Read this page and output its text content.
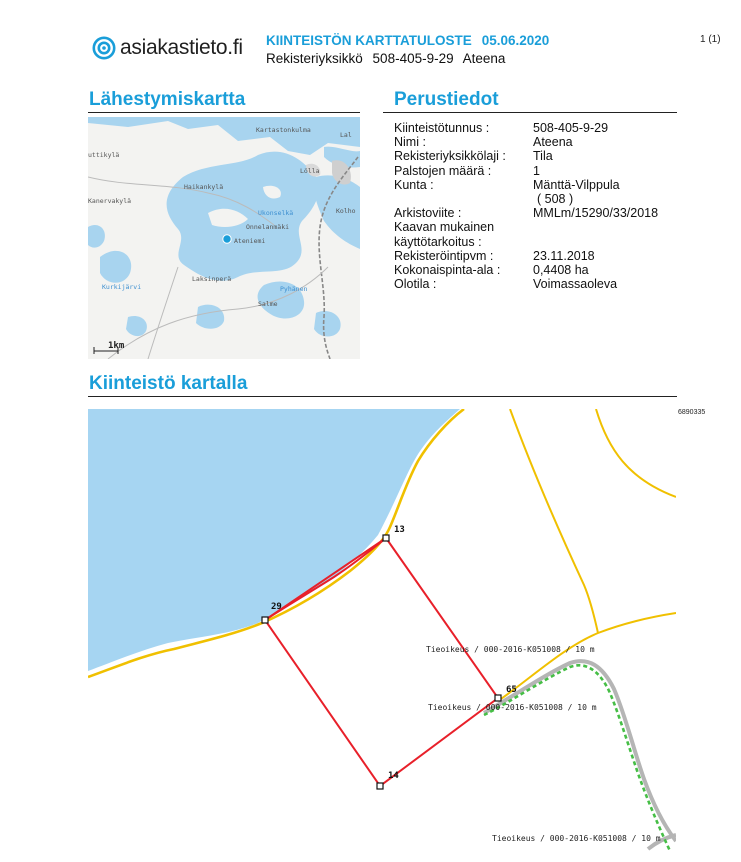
asiakastieto.fi KIINTEISTÖN KARTTATULOSTE 05.06.2020
Rekisteriyksikkö 508-405-9-29 Ateena
1 (1)
Lähestymiskartta	Perustiedot
Kiinteistötunnus :	508-405-9-29
Nimi :	Ateena
Rekisteriyksikkölaji :	Tila
Palstojen määrä :	1
Kunta :	Mänttä-Vilppula
( 508 )
Arkistoviite :	MMLm/15290/33/2018
Kaavan mukainen
käyttötarkoitus :
Rekisteröintipvm :	23.11.2018
Kokonaispinta-ala :	0,4408 ha
Olotila :	Voimassaoleva
Kartastonkulma
Lal
uttikylä
Haikankylä
Lölla
Kanervakylä
Ukonselkä	Kolho
Onnelanmäki
Ateniemi
Laksinperä
Kurkijärvi	Pyhänen
Salme
1km
Kiinteistö kartalla
13
29
65
14
Tieoikeus / 000-2016-K051008 / 10 m
Tieoikeus / 000-2016-K051008 / 10 m
Tieoikeus / 000-2016-K051008 / 10 m
6890335
